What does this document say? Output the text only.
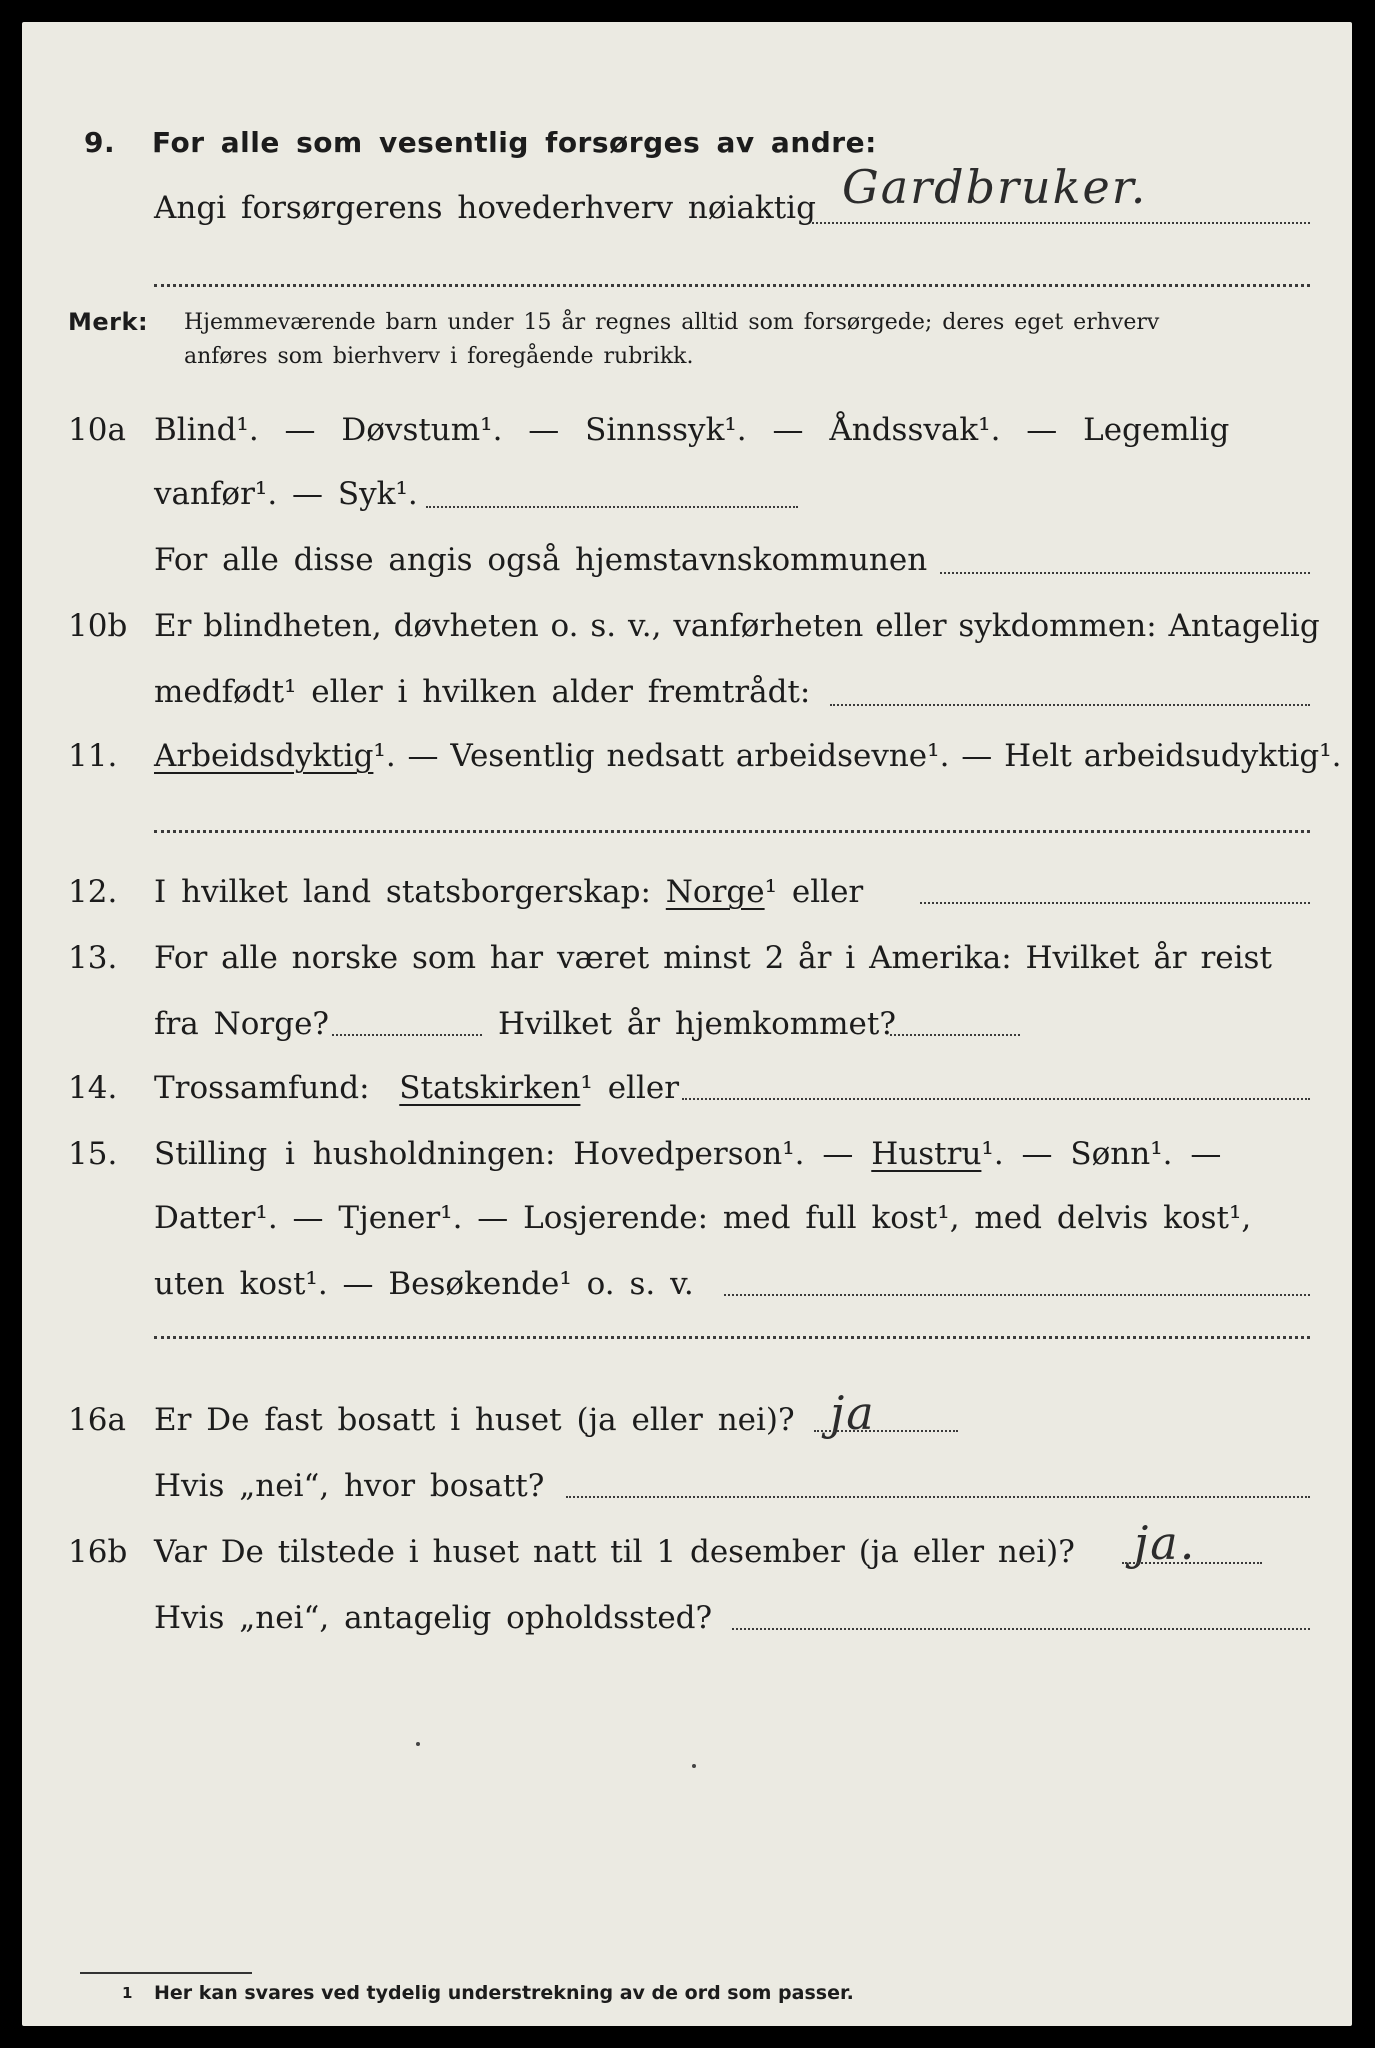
9. For alle som vesentlig forsørges av andre:
Angi forsørgerens hovederhverv nøiaktig Gardbruker.
Merk: Hjemmeværende barn under 15 år regnes alltid som forsørgede; deres eget erhverv
anføres som bierhverv i foregående rubrikk.
10a Blind¹. — Døvstum¹. — Sinnssyk¹. — Åndssvak¹. — Legemlig
vanfør¹. — Syk¹.
For alle disse angis også hjemstavnskommunen
10b Er blindheten, døvheten o. s. v., vanførheten eller sykdommen: Antagelig
medfødt¹ eller i hvilken alder fremtrådt:
11. Arbeidsdyktig¹. — Vesentlig nedsatt arbeidsevne¹. — Helt arbeidsudyktig¹.
12. I hvilket land statsborgerskap: Norge¹ eller
13. For alle norske som har været minst 2 år i Amerika: Hvilket år reist
fra Norge?	Hvilket år hjemkommet?
14. Trossamfund: Statskirken¹ eller
15. Stilling i husholdningen: Hovedperson¹. — Hustru¹. — Sønn¹. —
Datter¹. — Tjener¹. — Losjerende: med full kost¹, med delvis kost¹,
uten kost¹. — Besøkende¹ o. s. v.
16a Er De fast bosatt i huset (ja eller nei)? ja
Hvis „nei“, hvor bosatt?
16b Var De tilstede i huset natt til 1 desember (ja eller nei)? ja.
Hvis „nei“, antagelig opholdssted?
1 Her kan svares ved tydelig understrekning av de ord som passer.
